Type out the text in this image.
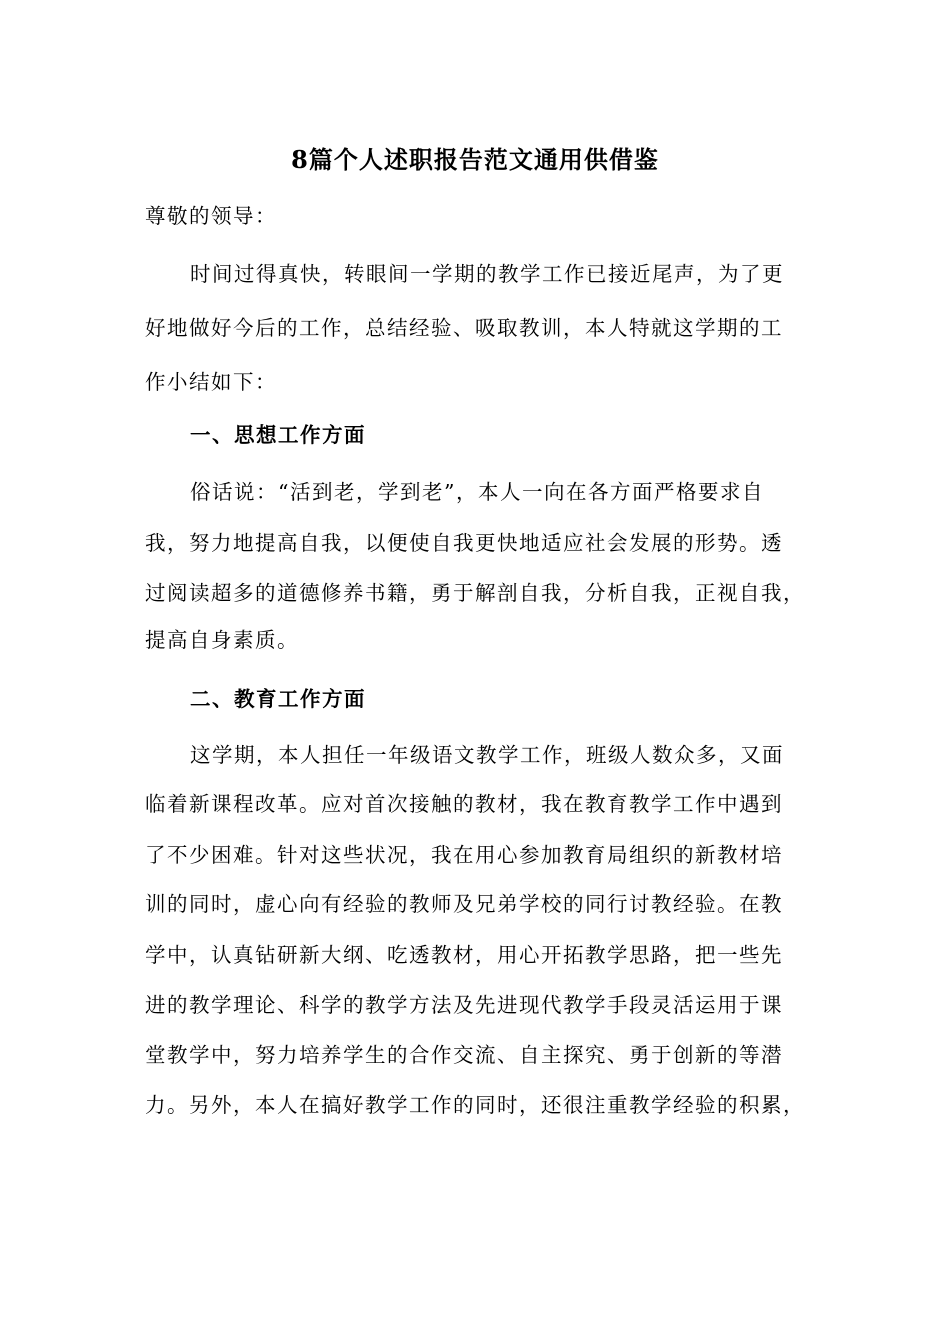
8篇个人述职报告范文通用供借鉴
尊敬的领导：
时间过得真快，转眼间一学期的教学工作已接近尾声，为了更
好地做好今后的工作，总结经验、吸取教训，本人特就这学期的工
作小结如下：
一、思想工作方面
俗话说：“活到老，学到老”，本人一向在各方面严格要求自
我，努力地提高自我，以便使自我更快地适应社会发展的形势。透
过阅读超多的道德修养书籍，勇于解剖自我，分析自我，正视自我，
提高自身素质。
二、教育工作方面
这学期，本人担任一年级语文教学工作，班级人数众多，又面
临着新课程改革。应对首次接触的教材，我在教育教学工作中遇到
了不少困难。针对这些状况，我在用心参加教育局组织的新教材培
训的同时，虚心向有经验的教师及兄弟学校的同行讨教经验。在教
学中，认真钻研新大纲、吃透教材，用心开拓教学思路，把一些先
进的教学理论、科学的教学方法及先进现代教学手段灵活运用于课
堂教学中，努力培养学生的合作交流、自主探究、勇于创新的等潜
力。另外，本人在搞好教学工作的同时，还很注重教学经验的积累，
